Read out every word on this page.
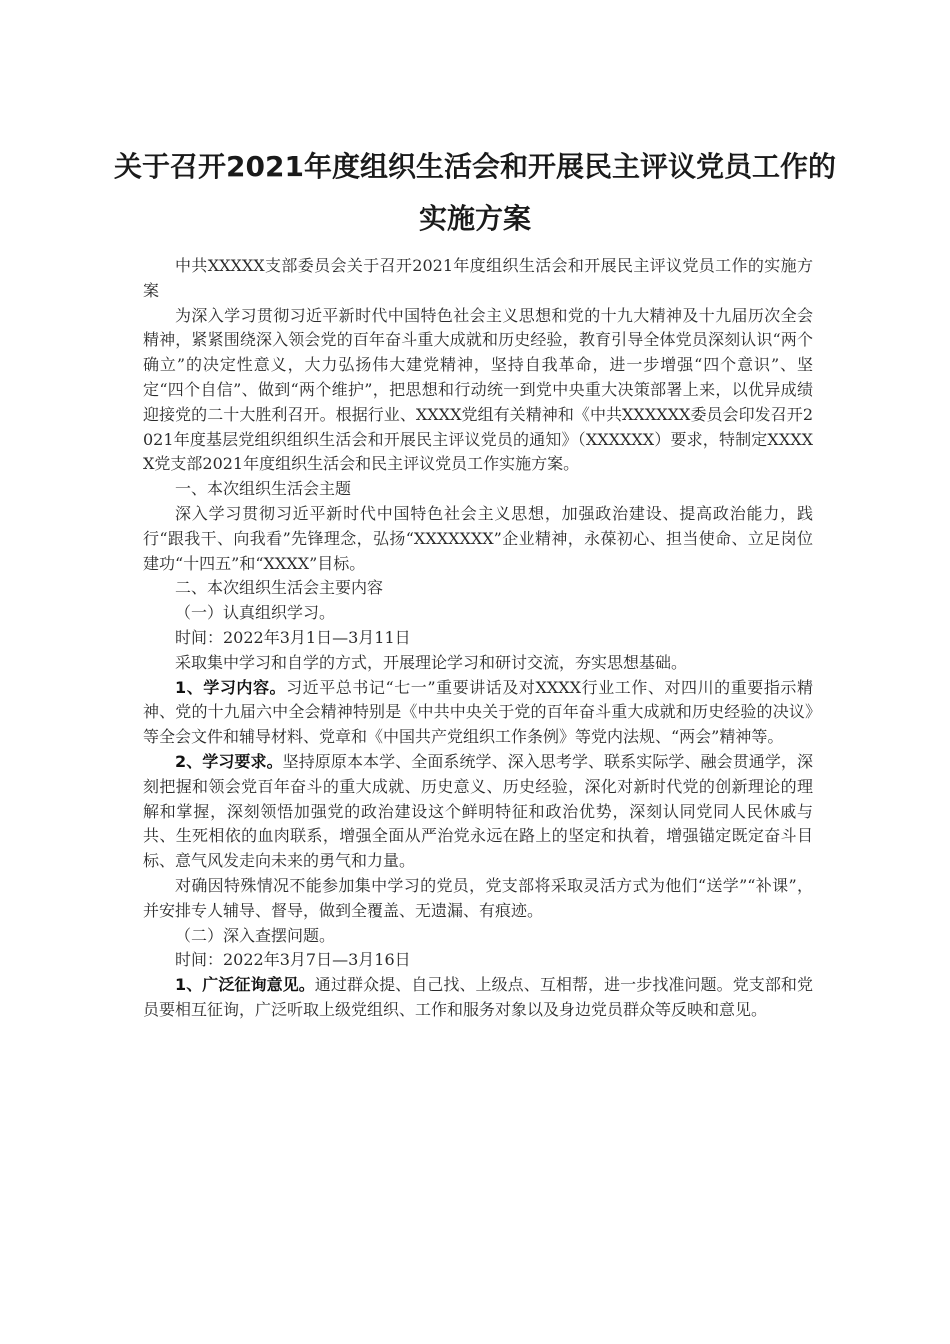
关于召开2021年度组织生活会和开展民主评议党员工作的
实施方案

中共XXXXX支部委员会关于召开2021年度组织生活会和开展民主评议党员工作的实施方案

为深入学习贯彻习近平新时代中国特色社会主义思想和党的十九大精神及十九届历次全会精神，紧紧围绕深入领会党的百年奋斗重大成就和历史经验，教育引导全体党员深刻认识“两个确立”的决定性意义，大力弘扬伟大建党精神，坚持自我革命，进一步增强“四个意识”、坚定“四个自信”、做到“两个维护”，把思想和行动统一到党中央重大决策部署上来，以优异成绩迎接党的二十大胜利召开。根据行业、XXXX党组有关精神和《中共XXXXXX委员会印发召开2021年度基层党组织组织生活会和开展民主评议党员的通知》（XXXXXX）要求，特制定XXXXX党支部2021年度组织生活会和民主评议党员工作实施方案。

一、本次组织生活会主题

深入学习贯彻习近平新时代中国特色社会主义思想，加强政治建设、提高政治能力，践行“跟我干、向我看”先锋理念，弘扬“XXXXXXX”企业精神，永葆初心、担当使命、立足岗位建功“十四五”和“XXXX”目标。

二、本次组织生活会主要内容

（一）认真组织学习。

时间：2022年3月1日—3月11日

采取集中学习和自学的方式，开展理论学习和研讨交流，夯实思想基础。

1、学习内容。习近平总书记“七一”重要讲话及对XXXX行业工作、对四川的重要指示精神、党的十九届六中全会精神特别是《中共中央关于党的百年奋斗重大成就和历史经验的决议》等全会文件和辅导材料、党章和《中国共产党组织工作条例》等党内法规、“两会”精神等。

2、学习要求。坚持原原本本学、全面系统学、深入思考学、联系实际学、融会贯通学，深刻把握和领会党百年奋斗的重大成就、历史意义、历史经验，深化对新时代党的创新理论的理解和掌握，深刻领悟加强党的政治建设这个鲜明特征和政治优势，深刻认同党同人民休戚与共、生死相依的血肉联系，增强全面从严治党永远在路上的坚定和执着，增强锚定既定奋斗目标、意气风发走向未来的勇气和力量。

对确因特殊情况不能参加集中学习的党员，党支部将采取灵活方式为他们“送学”“补课”，并安排专人辅导、督导，做到全覆盖、无遗漏、有痕迹。

（二）深入查摆问题。

时间：2022年3月7日—3月16日

1、广泛征询意见。通过群众提、自己找、上级点、互相帮，进一步找准问题。党支部和党员要相互征询，广泛听取上级党组织、工作和服务对象以及身边党员群众等反映和意见。
